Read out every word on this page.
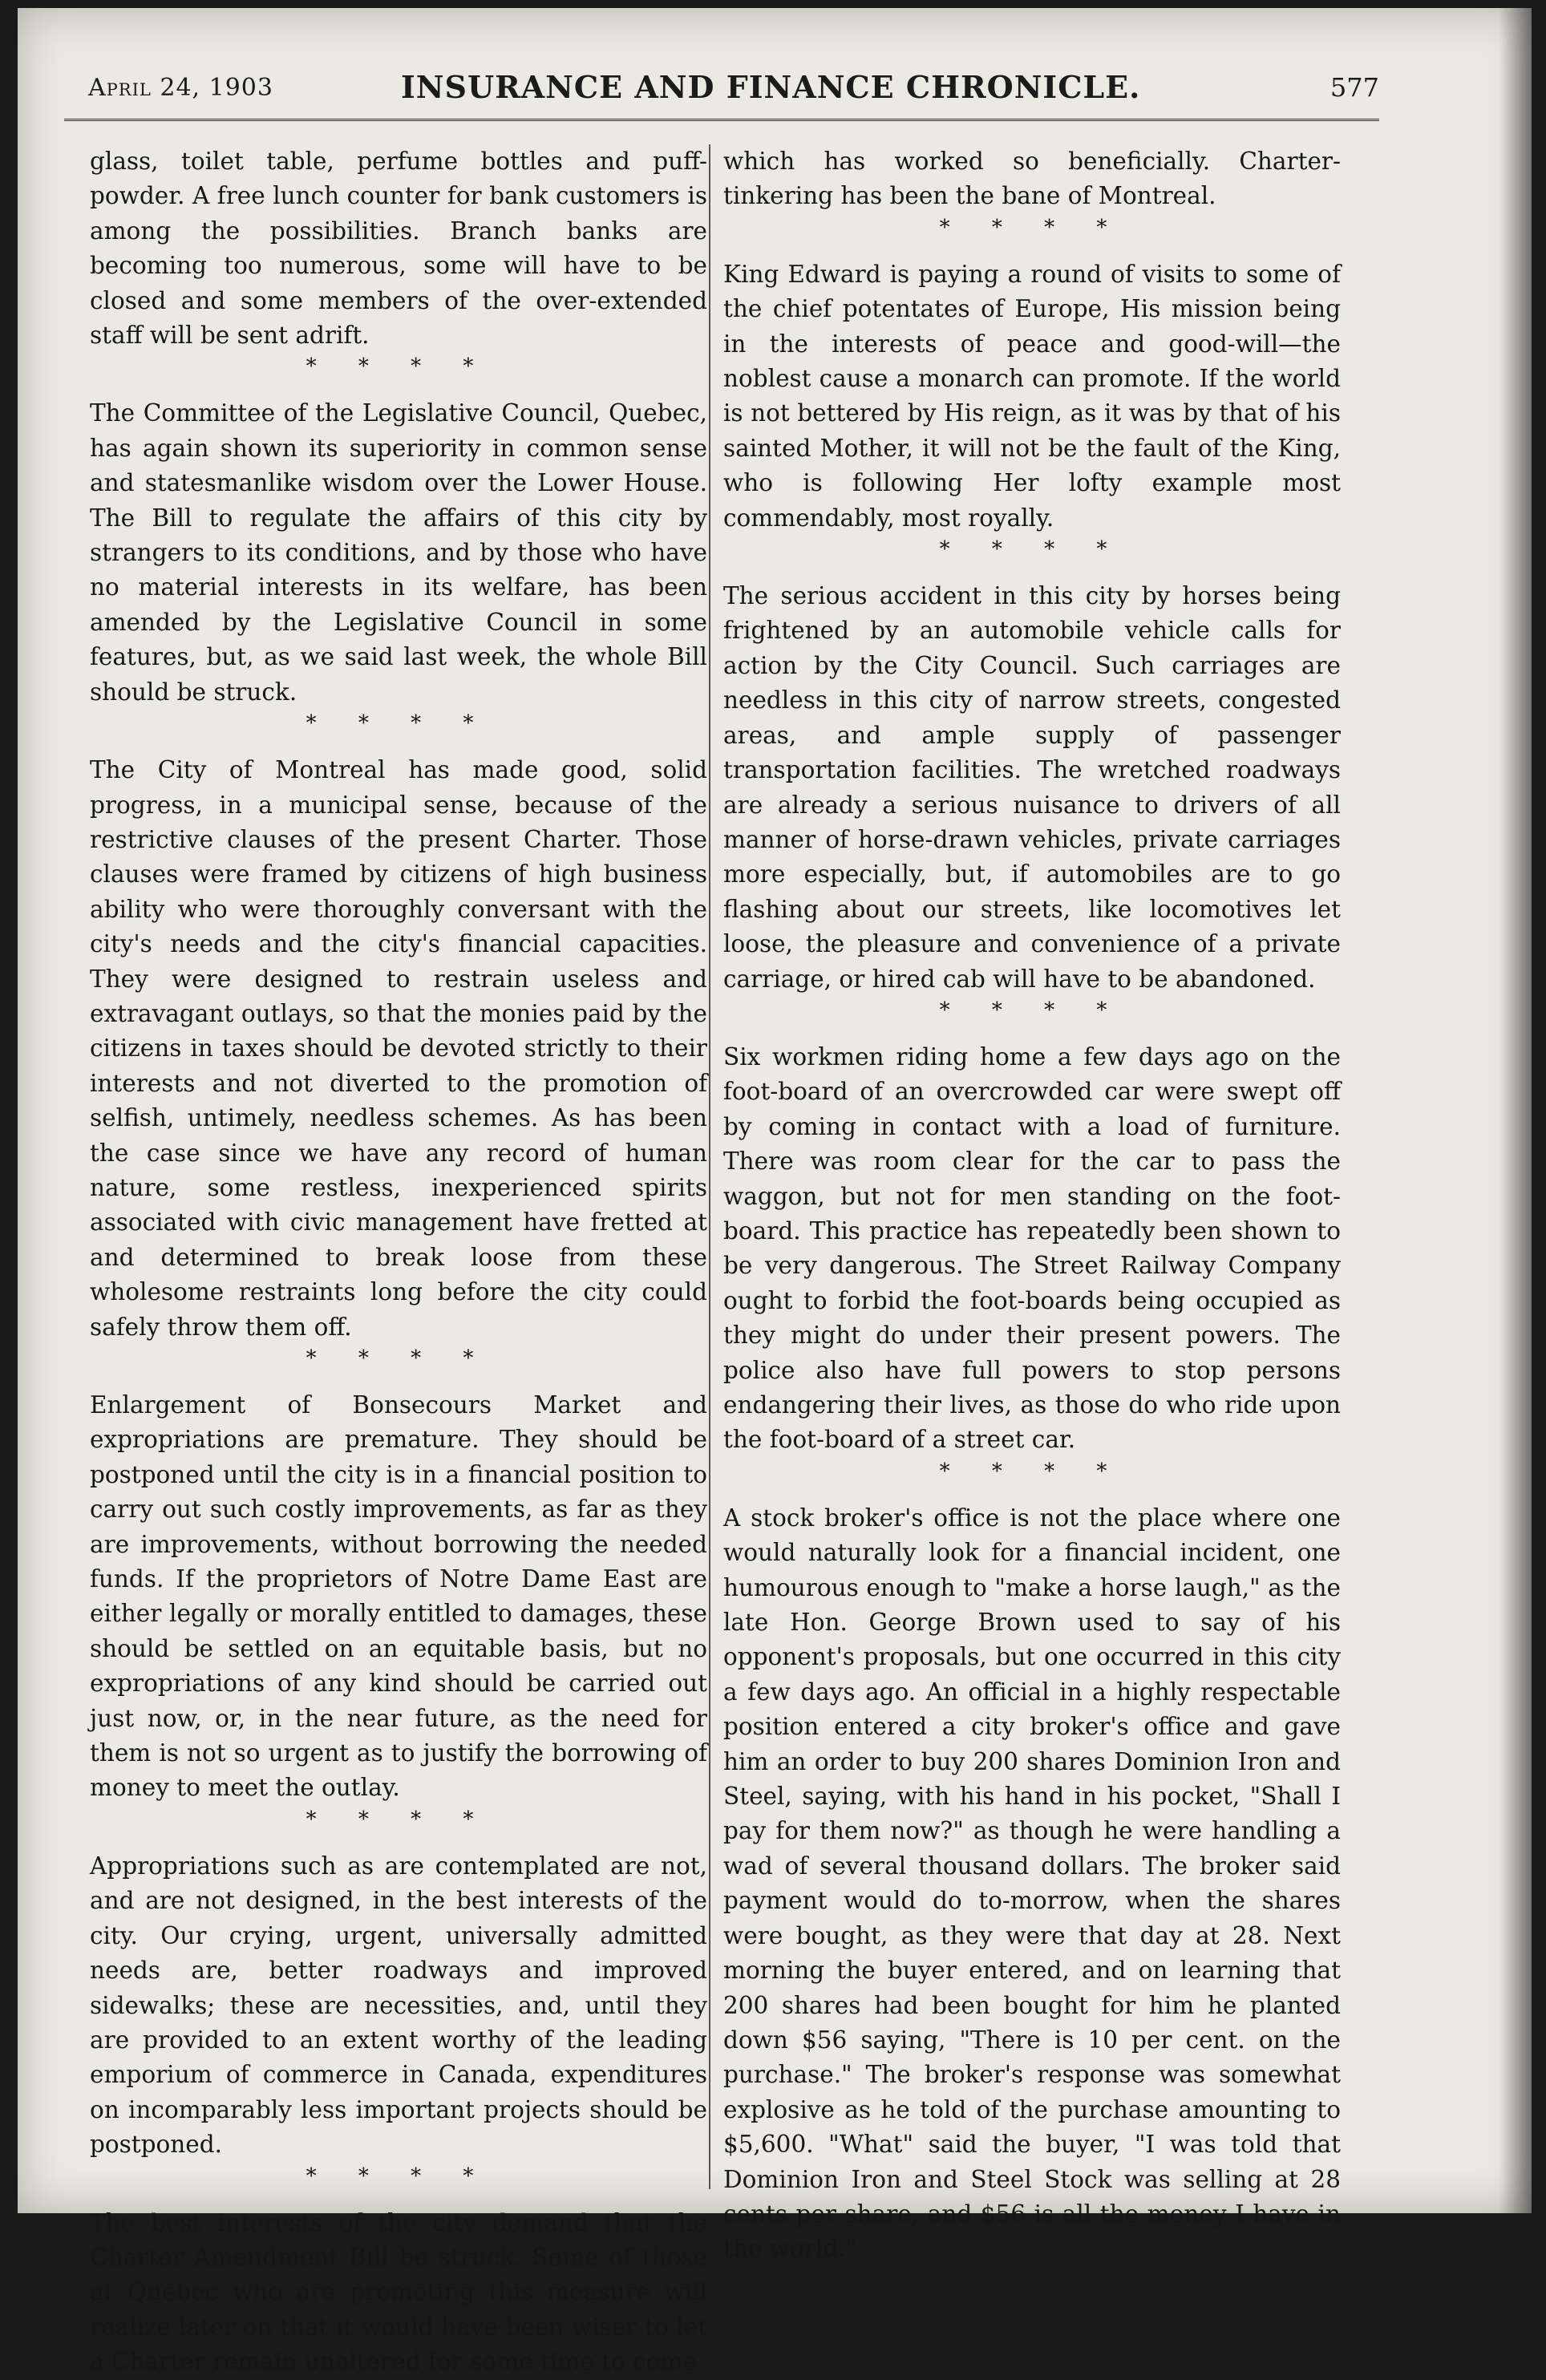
April 24, 1903	INSURANCE AND FINANCE CHRONICLE.	577

glass, toilet table, perfume bottles and puff-powder. A free lunch counter for bank customers is among the possibilities. Branch banks are becoming too numerous, some will have to be closed and some members of the over-extended staff will be sent adrift.

* * * *

The Committee of the Legislative Council, Quebec, has again shown its superiority in common sense and statesmanlike wisdom over the Lower House. The Bill to regulate the affairs of this city by strangers to its conditions, and by those who have no material interests in its welfare, has been amended by the Legislative Council in some features, but, as we said last week, the whole Bill should be struck.

* * * *

The City of Montreal has made good, solid progress, in a municipal sense, because of the restrictive clauses of the present Charter. Those clauses were framed by citizens of high business ability who were thoroughly conversant with the city's needs and the city's financial capacities. They were designed to restrain useless and extravagant outlays, so that the monies paid by the citizens in taxes should be devoted strictly to their interests and not diverted to the promotion of selfish, untimely, needless schemes. As has been the case since we have any record of human nature, some restless, inexperienced spirits associated with civic management have fretted at and determined to break loose from these wholesome restraints long before the city could safely throw them off.

* * * *

Enlargement of Bonsecours Market and expropriations are premature. They should be postponed until the city is in a financial position to carry out such costly improvements, as far as they are improvements, without borrowing the needed funds. If the proprietors of Notre Dame East are either legally or morally entitled to damages, these should be settled on an equitable basis, but no expropriations of any kind should be carried out just now, or, in the near future, as the need for them is not so urgent as to justify the borrowing of money to meet the outlay.

* * * *

Appropriations such as are contemplated are not, and are not designed, in the best interests of the city. Our crying, urgent, universally admitted needs are, better roadways and improved sidewalks; these are necessities, and, until they are provided to an extent worthy of the leading emporium of commerce in Canada, expenditures on incomparably less important projects should be postponed.

* * * *

The best interests of the city demand that the Charter Amendment Bill be struck. Some of those at Quebec who are promoting this measure will realize later on that it would have been wiser to let a Charter remain unaltered for some time to come

which has worked so beneficially. Charter-tinkering has been the bane of Montreal.

* * * *

King Edward is paying a round of visits to some of the chief potentates of Europe, His mission being in the interests of peace and good-will—the noblest cause a monarch can promote. If the world is not bettered by His reign, as it was by that of his sainted Mother, it will not be the fault of the King, who is following Her lofty example most commendably, most royally.

* * * *

The serious accident in this city by horses being frightened by an automobile vehicle calls for action by the City Council. Such carriages are needless in this city of narrow streets, congested areas, and ample supply of passenger transportation facilities. The wretched roadways are already a serious nuisance to drivers of all manner of horse-drawn vehicles, private carriages more especially, but, if automobiles are to go flashing about our streets, like locomotives let loose, the pleasure and convenience of a private carriage, or hired cab will have to be abandoned.

* * * *

Six workmen riding home a few days ago on the foot-board of an overcrowded car were swept off by coming in contact with a load of furniture. There was room clear for the car to pass the waggon, but not for men standing on the foot-board. This practice has repeatedly been shown to be very dangerous. The Street Railway Company ought to forbid the foot-boards being occupied as they might do under their present powers. The police also have full powers to stop persons endangering their lives, as those do who ride upon the foot-board of a street car.

* * * *

A stock broker's office is not the place where one would naturally look for a financial incident, one humourous enough to "make a horse laugh," as the late Hon. George Brown used to say of his opponent's proposals, but one occurred in this city a few days ago. An official in a highly respectable position entered a city broker's office and gave him an order to buy 200 shares Dominion Iron and Steel, saying, with his hand in his pocket, "Shall I pay for them now?" as though he were handling a wad of several thousand dollars. The broker said payment would do to-morrow, when the shares were bought, as they were that day at 28. Next morning the buyer entered, and on learning that 200 shares had been bought for him he planted down $56 saying, "There is 10 per cent. on the purchase." The broker's response was somewhat explosive as he told of the purchase amounting to $5,600. "What" said the buyer, "I was told that Dominion Iron and Steel Stock was selling at 28 cents per share, and $56 is all the money I have in the world."
